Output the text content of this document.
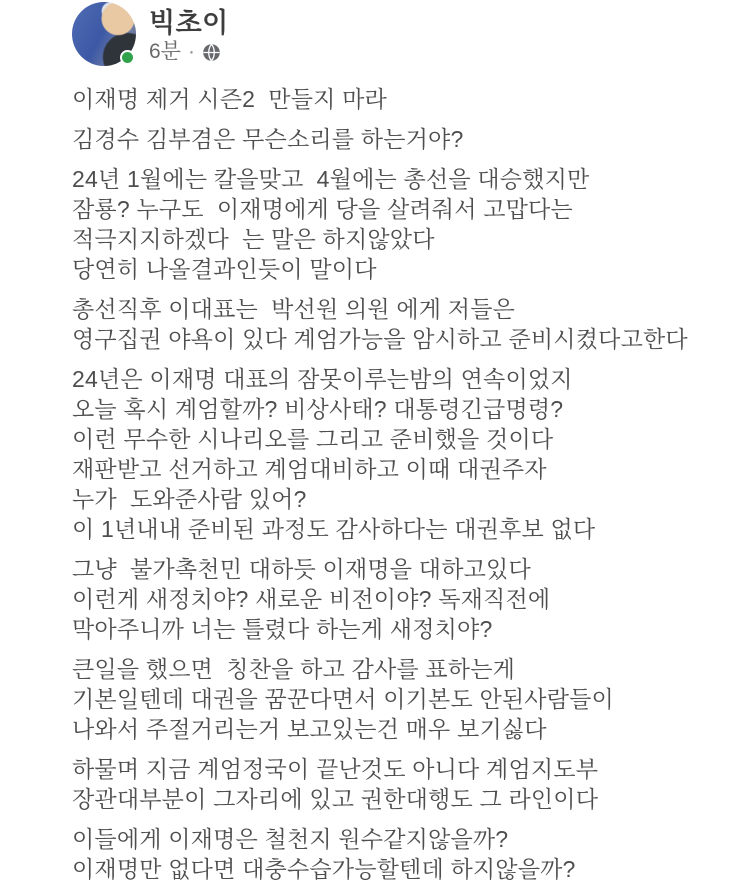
빅초이
6분 ·
이재명 제거 시즌2  만들지 마라
김경수 김부겸은 무슨소리를 하는거야?
24년 1월에는 칼을맞고  4월에는 총선을 대승했지만
잠룡? 누구도  이재명에게 당을 살려줘서 고맙다는
적극지지하겠다  는 말은 하지않았다
당연히 나올결과인듯이 말이다
총선직후 이대표는  박선원 의원 에게 저들은
영구집권 야욕이 있다 계엄가능을 암시하고 준비시켰다고한다
24년은 이재명 대표의 잠못이루는밤의 연속이었지
오늘 혹시 계엄할까? 비상사태? 대통령긴급명령?
이런 무수한 시나리오를 그리고 준비했을 것이다
재판받고 선거하고 계엄대비하고 이때 대권주자
누가  도와준사람 있어?
이 1년내내 준비된 과정도 감사하다는 대권후보 없다
그냥  불가촉천민 대하듯 이재명을 대하고있다
이런게 새정치야? 새로운 비전이야? 독재직전에
막아주니까 너는 틀렸다 하는게 새정치야?
큰일을 했으면  칭찬을 하고 감사를 표하는게
기본일텐데 대권을 꿈꾼다면서 이기본도 안된사람들이
나와서 주절거리는거 보고있는건 매우 보기싫다
하물며 지금 계엄정국이 끝난것도 아니다 계엄지도부
장관대부분이 그자리에 있고 권한대행도 그 라인이다
이들에게 이재명은 철천지 원수같지않을까?
이재명만 없다면 대충수습가능할텐데 하지않을까?
